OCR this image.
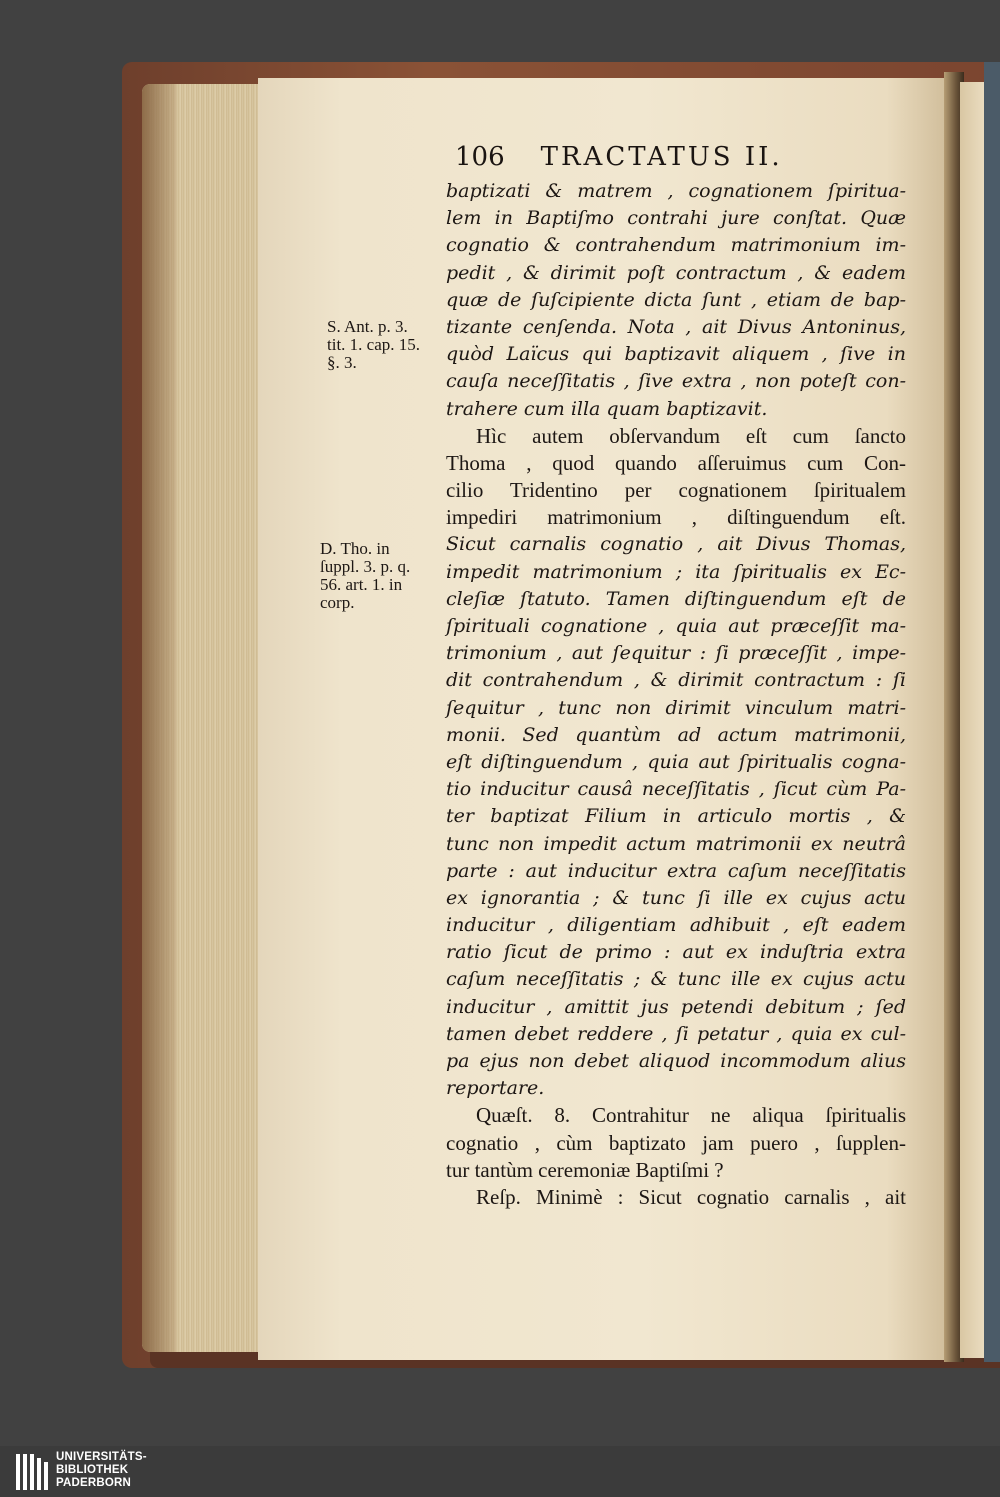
106 TRACTATUS II.
baptizati & matrem , cognationem ſpiritua-
lem in Baptiſmo contrahi jure conſtat. Quæ
cognatio & contrahendum matrimonium im-
pedit , & dirimit poſt contractum , & eadem
quæ de ſuſcipiente dicta ſunt , etiam de bap-
tizante cenſenda. Nota , ait Divus Antoninus,
quòd Laïcus qui baptizavit aliquem , ſive in
cauſa neceſſitatis , ſive extra , non poteſt con-
trahere cum illa quam baptizavit.
Hìc autem obſervandum eſt cum ſancto
Thoma , quod quando aſſeruimus cum Con-
cilio Tridentino per cognationem ſpiritualem
impediri matrimonium , diſtinguendum eſt.
Sicut carnalis cognatio , ait Divus Thomas,
impedit matrimonium ; ita ſpiritualis ex Ec-
cleſiæ ſtatuto. Tamen diſtinguendum eſt de
ſpirituali cognatione , quia aut præceſſit ma-
trimonium , aut ſequitur : ſi præceſſit , impe-
dit contrahendum , & dirimit contractum : ſi
ſequitur , tunc non dirimit vinculum matri-
monii. Sed quantùm ad actum matrimonii,
eſt diſtinguendum , quia aut ſpiritualis cogna-
tio inducitur causâ neceſſitatis , ſicut cùm Pa-
ter baptizat Filium in articulo mortis , &
tunc non impedit actum matrimonii ex neutrâ
parte : aut inducitur extra caſum neceſſitatis
ex ignorantia ; & tunc ſi ille ex cujus actu
inducitur , diligentiam adhibuit , eſt eadem
ratio ſicut de primo : aut ex induſtria extra
caſum neceſſitatis ; & tunc ille ex cujus actu
inducitur , amittit jus petendi debitum ; ſed
tamen debet reddere , ſi petatur , quia ex cul-
pa ejus non debet aliquod incommodum alius
reportare.
Quæſt. 8. Contrahitur ne aliqua ſpiritualis
cognatio , cùm baptizato jam puero , ſupplen-
tur tantùm ceremoniæ Baptiſmi ?
Reſp. Minimè : Sicut cognatio carnalis , ait
S. Ant. p. 3.
tit. 1. cap. 15.
§. 3.
D. Tho. in
ſuppl. 3. p. q.
56. art. 1. in
corp.
UNIVERSITÄTS-
BIBLIOTHEK
PADERBORN
